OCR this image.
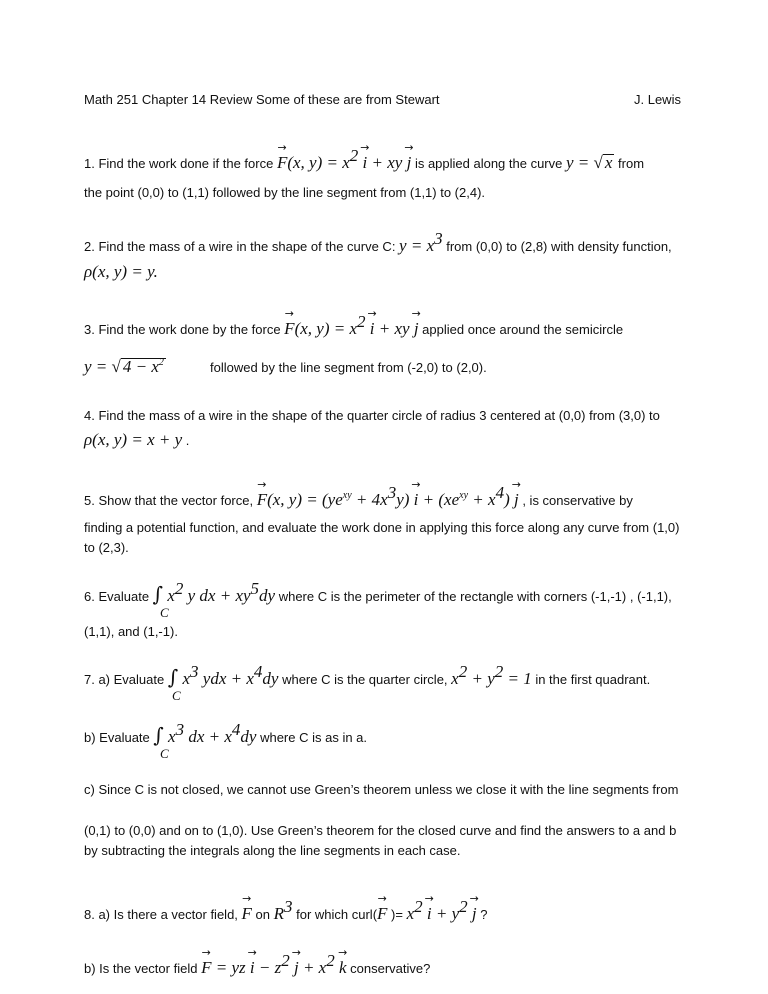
Math 251 Chapter 14 Review Some of these are from Stewart	J. Lewis
1. Find the work done if the force → F(x, $y) = x^2 \to i$ + xy → j is applied along the curve y = √ x from
the point (0,0) to (1,1) followed by the line segment from (1,1) to (2,4).
2. Find the mass of a wire in the shape of the curve C: $y = x^3$ from (0,0) to (2,8) with density function,
ρ(x, y) = y.
3. Find the work done by the force → F(x, $y) = x^2 \to i$ + xy → j applied once around the semicircle
y = √ $4 - x^2$	followed by the line segment from (-2,0) to (2,0).
4. Find the mass of a wire in the shape of the quarter circle of radius 3 centered at (0,0) from (3,0) to
ρ(x, y) = x + y .
5. Show that the vector force, → F(x, $y) = (ye^{xy} + 4x^3y) \to i + (xe^{xy} + x^4) \to j$ , is conservative by
finding a potential function, and evaluate the work done in applying this force along any curve from (1,0)
to (2,3).
6. Evaluate ∫ $x^2$ y dx + $xy^5dy$ where C is the perimeter of the rectangle with corners (-1,-1) , (-1,1),
C
(1,1), and (1,-1).
7. a) Evaluate ∫ $x^3$ ydx + $x^4dy$ where C is the quarter circle, $x^2 + y^2 = 1$ in the first quadrant.
C
b) Evaluate ∫ $x^3$ dx + $x^4dy$ where C is as in a.
C
c) Since C is not closed, we cannot use Green’s theorem unless we close it with the line segments from
(0,1) to (0,0) and on to (1,0). Use Green’s theorem for the closed curve and find the answers to a and b
by subtracting the integrals along the line segments in each case.
8. a) Is there a vector field, → F on $R^3$ for which curl(→ F )= $x^2 \to i + y^2 \to j$ ?
b) Is the vector field → F = yz → $i - z^2 \to j + x^2 \to k$ conservative?
